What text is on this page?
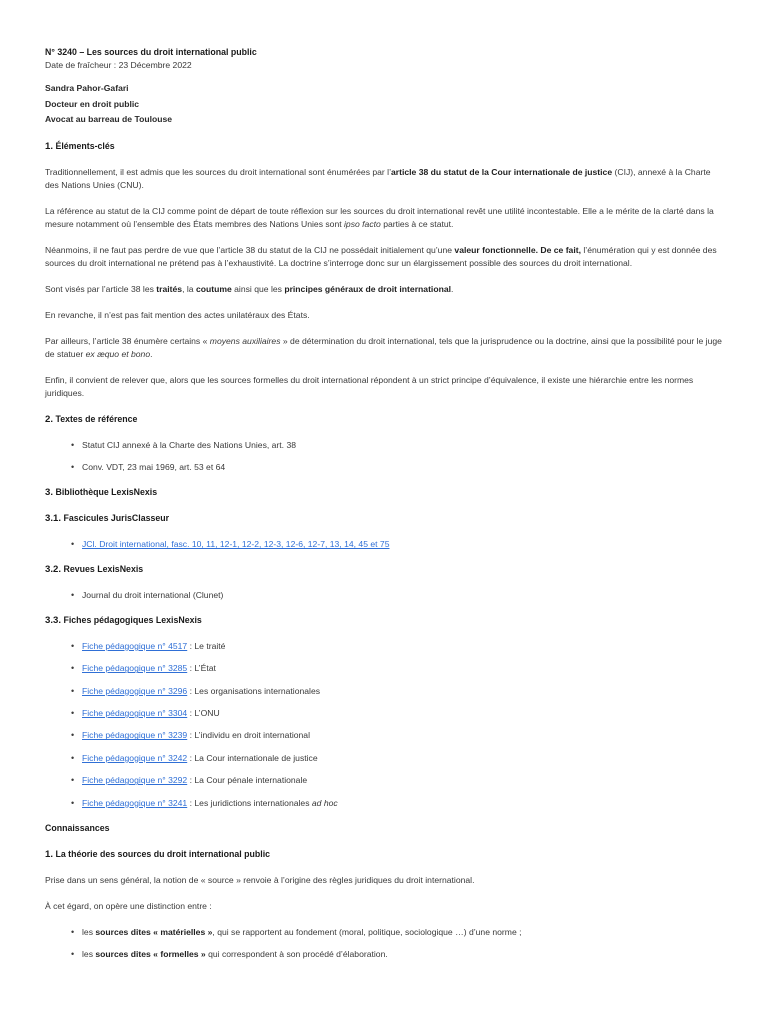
N° 3240 – Les sources du droit international public
Date de fraîcheur : 23 Décembre 2022
Sandra Pahor-Gafari
Docteur en droit public
Avocat au barreau de Toulouse
1. Éléments-clés

Traditionnellement, il est admis que les sources du droit international sont énumérées par l’article 38 du statut de la Cour internationale de justice (CIJ), annexé à la Charte des Nations Unies (CNU).

La référence au statut de la CIJ comme point de départ de toute réflexion sur les sources du droit international revêt une utilité incontestable. Elle a le mérite de la clarté dans la mesure notamment où l’ensemble des États membres des Nations Unies sont ipso facto parties à ce statut.

Néanmoins, il ne faut pas perdre de vue que l’article 38 du statut de la CIJ ne possédait initialement qu’une valeur fonctionnelle. De ce fait, l’énumération qui y est donnée des sources du droit international ne prétend pas à l’exhaustivité. La doctrine s’interroge donc sur un élargissement possible des sources du droit international.

Sont visés par l’article 38 les traités, la coutume ainsi que les principes généraux de droit international.

En revanche, il n’est pas fait mention des actes unilatéraux des États.

Par ailleurs, l’article 38 énumère certains « moyens auxiliaires » de détermination du droit international, tels que la jurisprudence ou la doctrine, ainsi que la possibilité pour le juge de statuer ex æquo et bono.

Enfin, il convient de relever que, alors que les sources formelles du droit international répondent à un strict principe d’équivalence, il existe une hiérarchie entre les normes juridiques.

2. Textes de référence
• Statut CIJ annexé à la Charte des Nations Unies, art. 38
• Conv. VDT, 23 mai 1969, art. 53 et 64
3. Bibliothèque LexisNexis
3.1. Fascicules JurisClasseur
• JCl. Droit international, fasc. 10, 11, 12-1, 12-2, 12-3, 12-6, 12-7, 13, 14, 45 et 75
3.2. Revues LexisNexis
• Journal du droit international (Clunet)
3.3. Fiches pédagogiques LexisNexis
• Fiche pédagogique n° 4517 : Le traité
• Fiche pédagogique n° 3285 : L’État
• Fiche pédagogique n° 3296 : Les organisations internationales
• Fiche pédagogique n° 3304 : L’ONU
• Fiche pédagogique n° 3239 : L’individu en droit international
• Fiche pédagogique n° 3242 : La Cour internationale de justice
• Fiche pédagogique n° 3292 : La Cour pénale internationale
• Fiche pédagogique n° 3241 : Les juridictions internationales ad hoc
Connaissances
1. La théorie des sources du droit international public

Prise dans un sens général, la notion de « source » renvoie à l’origine des règles juridiques du droit international.

À cet égard, on opère une distinction entre :

• les sources dites « matérielles », qui se rapportent au fondement (moral, politique, sociologique …) d’une norme ;
• les sources dites « formelles » qui correspondent à son procédé d’élaboration.
